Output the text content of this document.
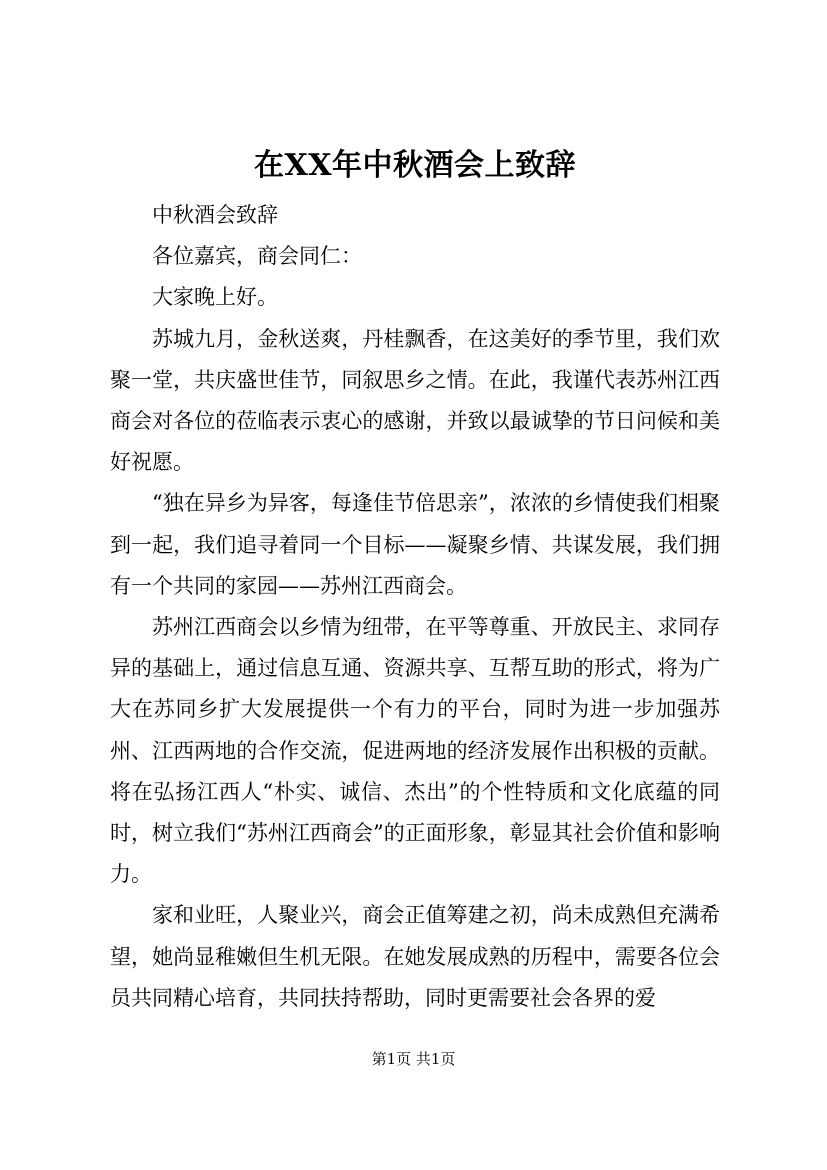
在XX年中秋酒会上致辞

中秋酒会致辞

各位嘉宾，商会同仁：

大家晚上好。

苏城九月，金秋送爽，丹桂飘香，在这美好的季节里，我们欢聚一堂，共庆盛世佳节，同叙思乡之情。在此，我谨代表苏州江西商会对各位的莅临表示衷心的感谢，并致以最诚挚的节日问候和美好祝愿。

“独在异乡为异客，每逢佳节倍思亲”，浓浓的乡情使我们相聚到一起，我们追寻着同一个目标——凝聚乡情、共谋发展，我们拥有一个共同的家园——苏州江西商会。

苏州江西商会以乡情为纽带，在平等尊重、开放民主、求同存异的基础上，通过信息互通、资源共享、互帮互助的形式，将为广大在苏同乡扩大发展提供一个有力的平台，同时为进一步加强苏州、江西两地的合作交流，促进两地的经济发展作出积极的贡献。将在弘扬江西人“朴实、诚信、杰出”的个性特质和文化底蕴的同时，树立我们“苏州江西商会”的正面形象，彰显其社会价值和影响力。

家和业旺，人聚业兴，商会正值筹建之初，尚未成熟但充满希望，她尚显稚嫩但生机无限。在她发展成熟的历程中，需要各位会员共同精心培育，共同扶持帮助，同时更需要社会各界的爱

第1页 共1页
